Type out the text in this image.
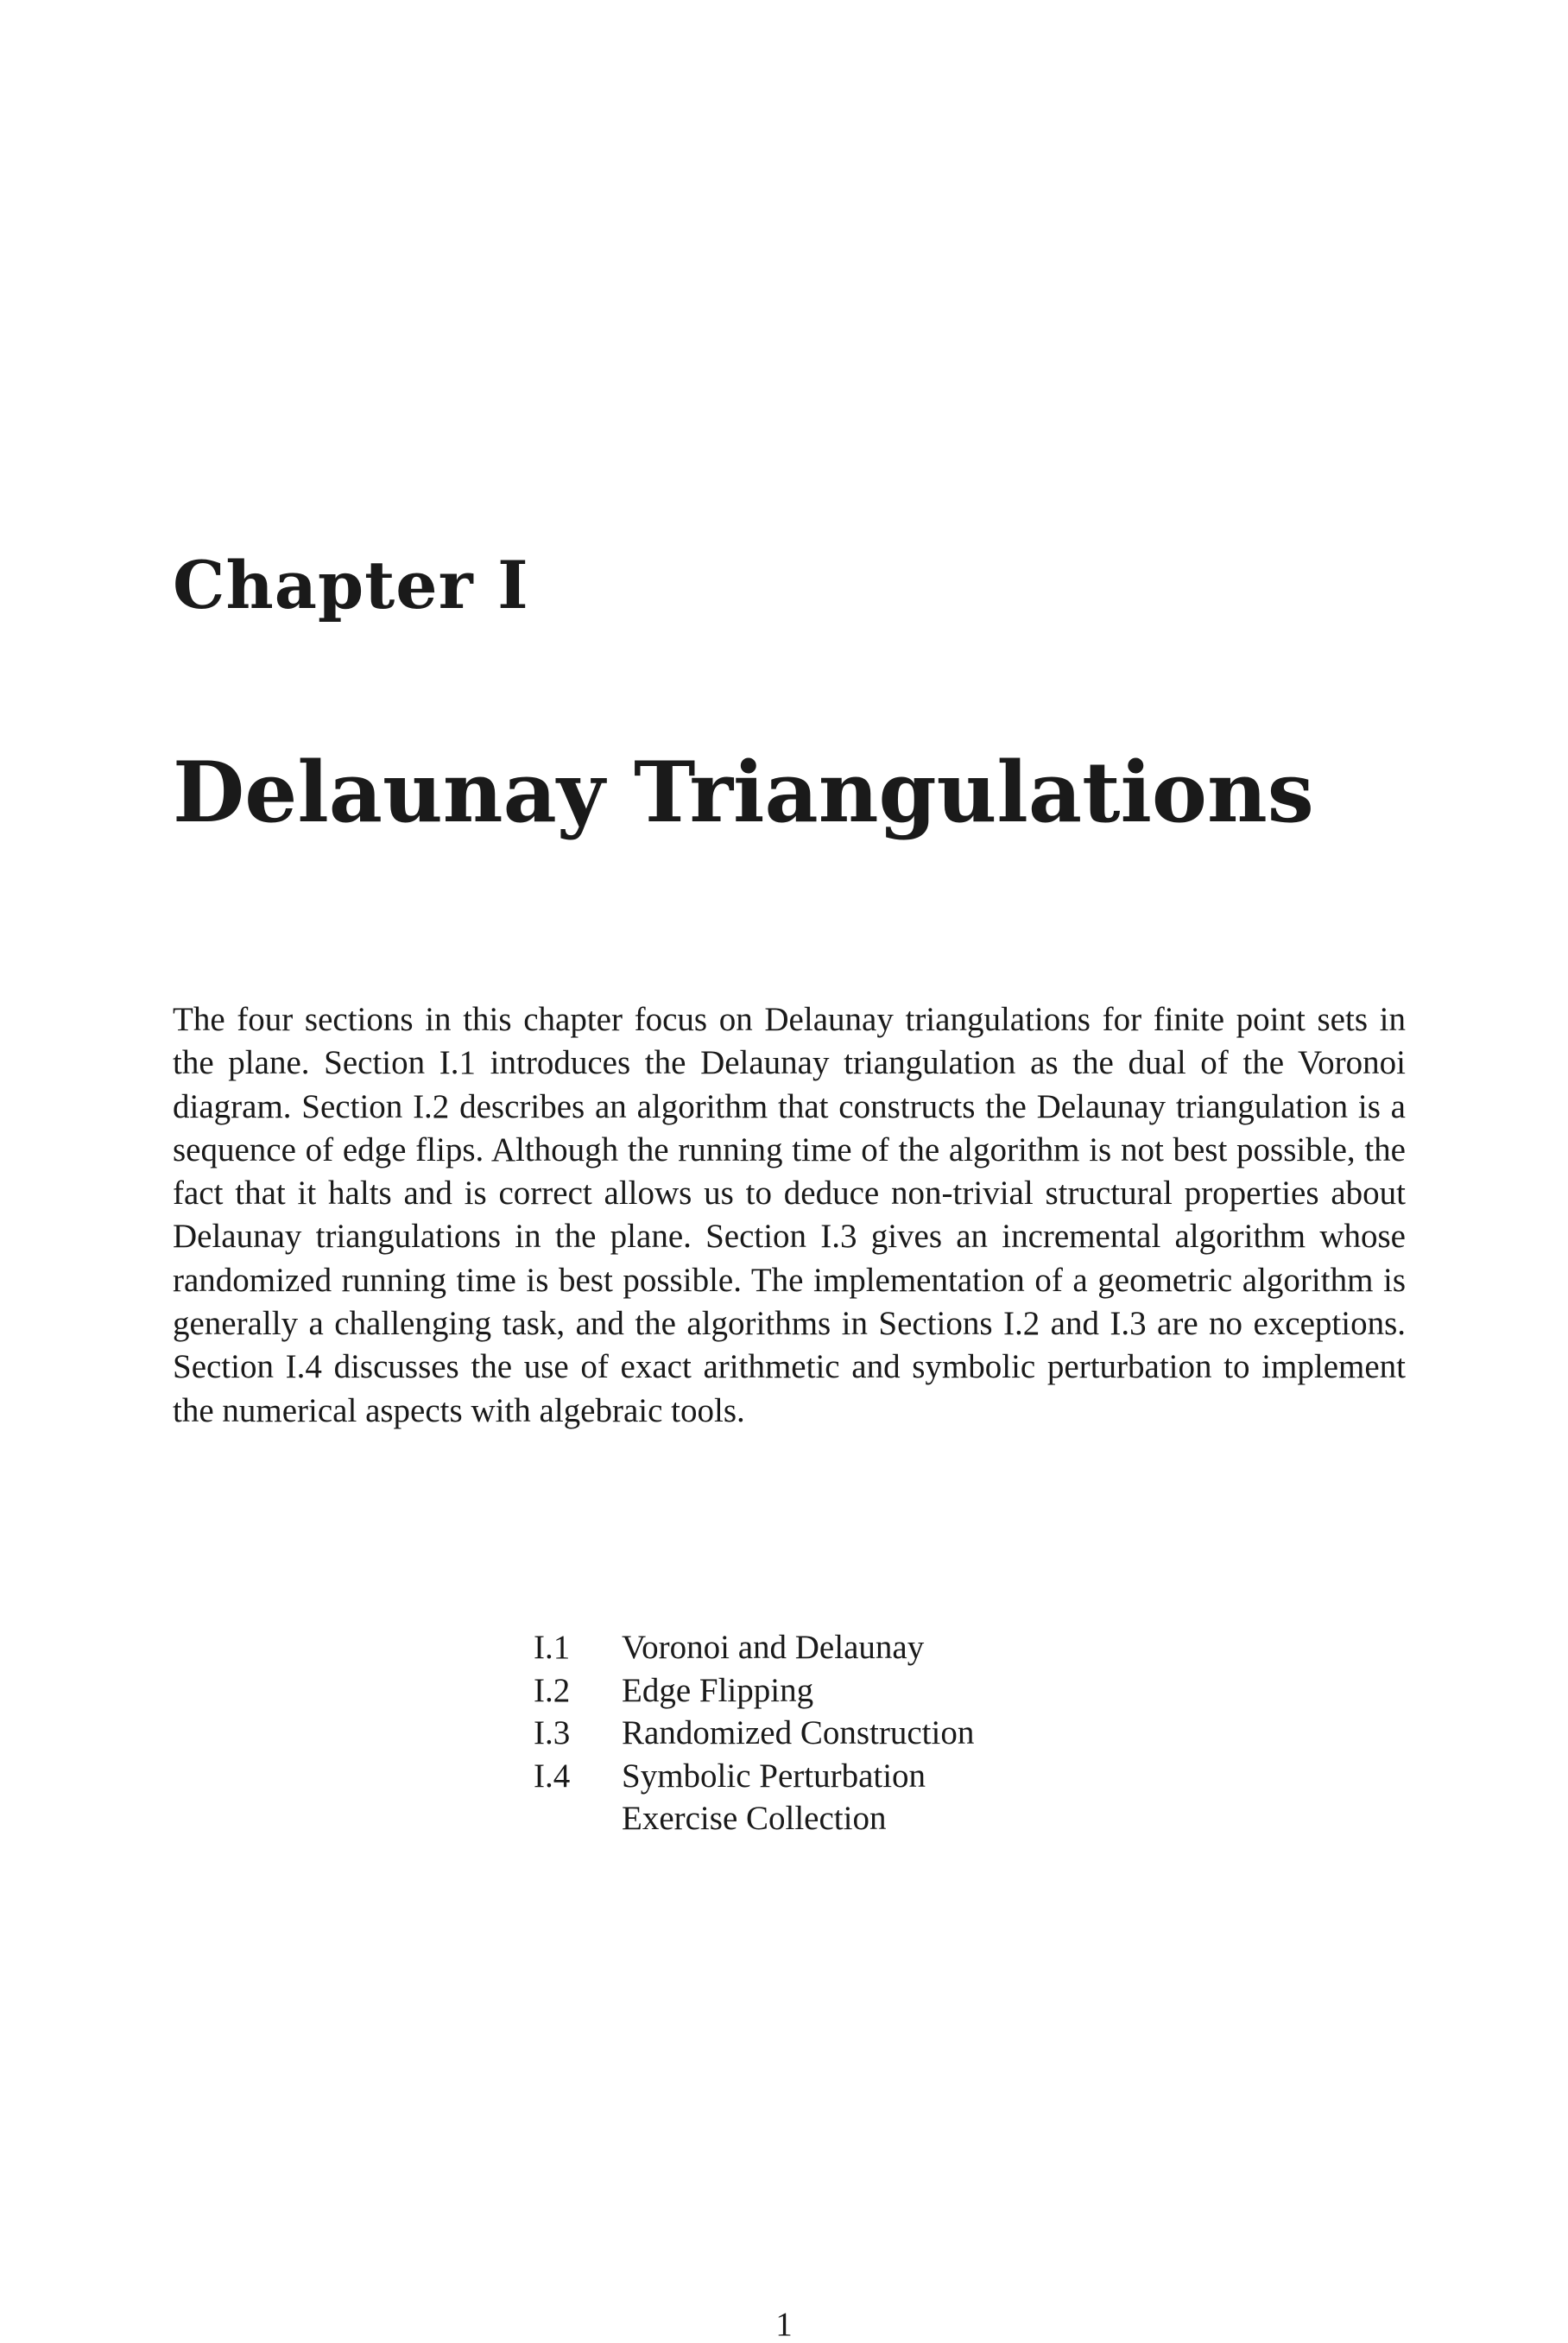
Chapter I
Delaunay Triangulations

The four sections in this chapter focus on Delaunay triangulations for finite point sets in the plane. Section I.1 introduces the Delaunay triangulation as the dual of the Voronoi diagram. Section I.2 describes an algorithm that constructs the Delaunay triangulation is a sequence of edge flips. Although the running time of the algorithm is not best possible, the fact that it halts and is correct allows us to deduce non-trivial structural properties about Delaunay triangulations in the plane. Section I.3 gives an incremental algorithm whose randomized running time is best possible. The implementation of a geometric algorithm is generally a challenging task, and the algorithms in Sections I.2 and I.3 are no exceptions. Section I.4 discusses the use of exact arithmetic and symbolic perturbation to implement the numerical aspects with algebraic tools.

I.1	Voronoi and Delaunay
I.2	Edge Flipping
I.3	Randomized Construction
I.4	Symbolic Perturbation
Exercise Collection
1
